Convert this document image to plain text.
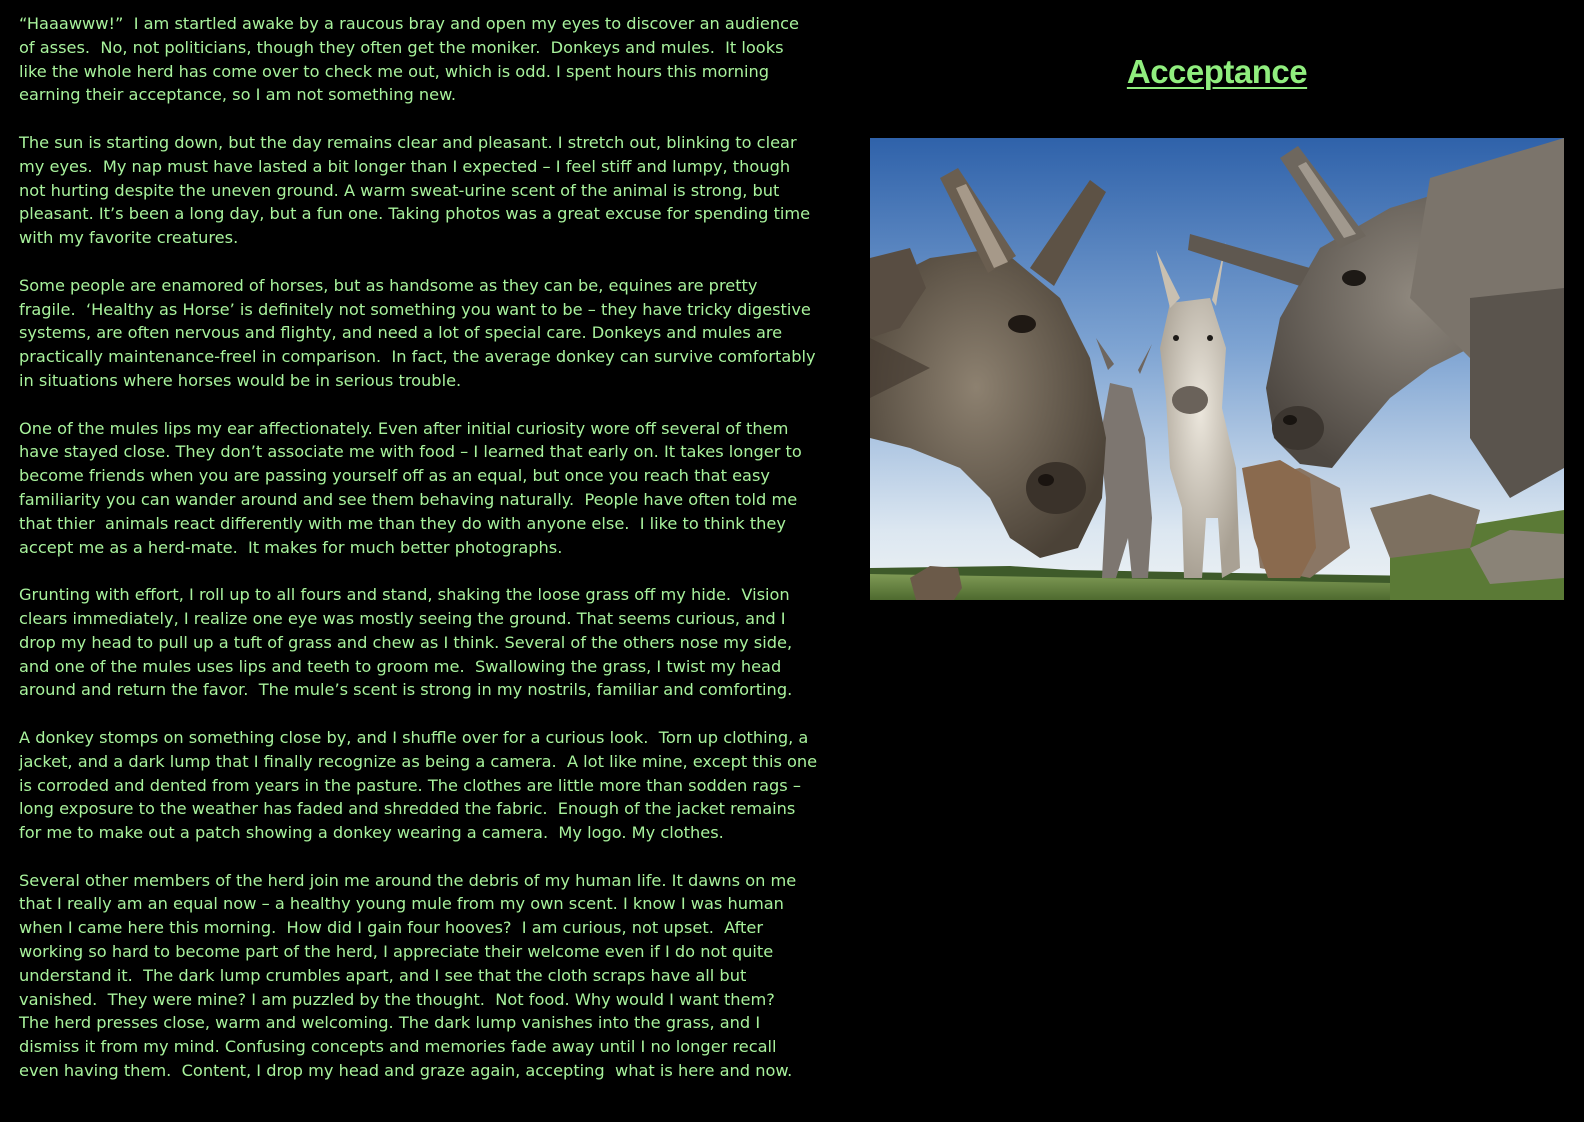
“Haaawww!”  I am startled awake by a raucous bray and open my eyes to discover an audience
of asses.  No, not politicians, though they often get the moniker.  Donkeys and mules.  It looks
like the whole herd has come over to check me out, which is odd. I spent hours this morning
earning their acceptance, so I am not something new.

The sun is starting down, but the day remains clear and pleasant. I stretch out, blinking to clear
my eyes.  My nap must have lasted a bit longer than I expected – I feel stiff and lumpy, though
not hurting despite the uneven ground. A warm sweat-urine scent of the animal is strong, but
pleasant. It’s been a long day, but a fun one. Taking photos was a great excuse for spending time
with my favorite creatures.

Some people are enamored of horses, but as handsome as they can be, equines are pretty
fragile.  ‘Healthy as Horse’ is definitely not something you want to be – they have tricky digestive
systems, are often nervous and flighty, and need a lot of special care. Donkeys and mules are
practically maintenance-freel in comparison.  In fact, the average donkey can survive comfortably
in situations where horses would be in serious trouble.

One of the mules lips my ear affectionately. Even after initial curiosity wore off several of them
have stayed close. They don’t associate me with food – I learned that early on. It takes longer to
become friends when you are passing yourself off as an equal, but once you reach that easy
familiarity you can wander around and see them behaving naturally.  People have often told me
that thier  animals react differently with me than they do with anyone else.  I like to think they
accept me as a herd-mate.  It makes for much better photographs.

Grunting with effort, I roll up to all fours and stand, shaking the loose grass off my hide.  Vision
clears immediately, I realize one eye was mostly seeing the ground. That seems curious, and I
drop my head to pull up a tuft of grass and chew as I think. Several of the others nose my side,
and one of the mules uses lips and teeth to groom me.  Swallowing the grass, I twist my head
around and return the favor.  The mule’s scent is strong in my nostrils, familiar and comforting.

A donkey stomps on something close by, and I shuffle over for a curious look.  Torn up clothing, a
jacket, and a dark lump that I finally recognize as being a camera.  A lot like mine, except this one
is corroded and dented from years in the pasture. The clothes are little more than sodden rags –
long exposure to the weather has faded and shredded the fabric.  Enough of the jacket remains
for me to make out a patch showing a donkey wearing a camera.  My logo. My clothes.

Several other members of the herd join me around the debris of my human life. It dawns on me
that I really am an equal now – a healthy young mule from my own scent. I know I was human
when I came here this morning.  How did I gain four hooves?  I am curious, not upset.  After
working so hard to become part of the herd, I appreciate their welcome even if I do not quite
understand it.  The dark lump crumbles apart, and I see that the cloth scraps have all but
vanished.  They were mine? I am puzzled by the thought.  Not food. Why would I want them?
The herd presses close, warm and welcoming. The dark lump vanishes into the grass, and I
dismiss it from my mind. Confusing concepts and memories fade away until I no longer recall
even having them.  Content, I drop my head and graze again, accepting  what is here and now.

Acceptance
